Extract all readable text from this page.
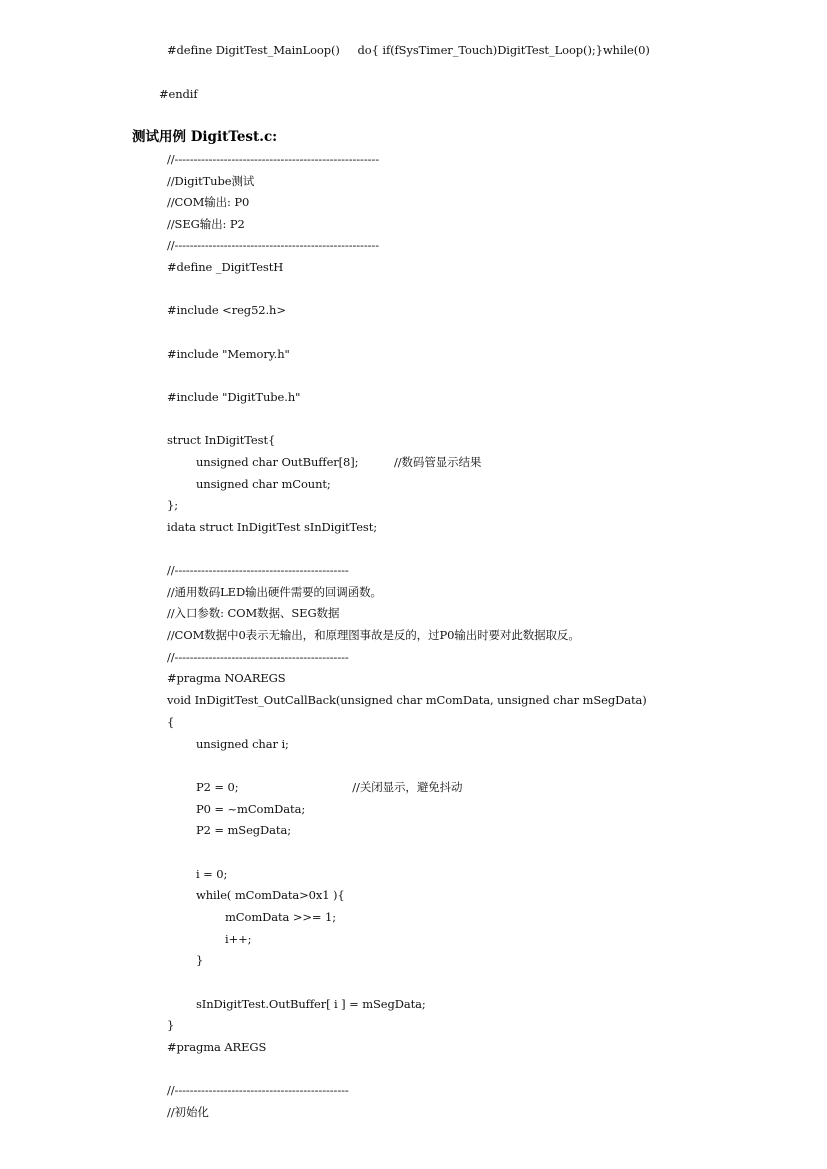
#define DigitTest_MainLoop()     do{ if(fSysTimer_Touch)DigitTest_Loop();}while(0)
#endif
测试用例 DigitTest.c:
//------------------------------------------------------
//DigitTube测试
//COM输出: P0
//SEG输出: P2
//------------------------------------------------------
#define _DigitTestH
#include <reg52.h>
#include "Memory.h"
#include "DigitTube.h"
struct InDigitTest{
unsigned char OutBuffer[8];          //数码管显示结果
unsigned char mCount;
};
idata struct InDigitTest sInDigitTest;
//----------------------------------------------
//通用数码LED输出硬件需要的回调函数。
//入口参数: COM数据、SEG数据
//COM数据中0表示无输出，和原理图事故是反的，过P0输出时要对此数据取反。
//----------------------------------------------
#pragma NOAREGS
void InDigitTest_OutCallBack(unsigned char mComData, unsigned char mSegData)
{
unsigned char i;
P2 = 0;                                //关闭显示，避免抖动
P0 = ~mComData;
P2 = mSegData;
i = 0;
while( mComData>0x1 ){
mComData >>= 1;
i++;
}
sInDigitTest.OutBuffer[ i ] = mSegData;
}
#pragma AREGS
//----------------------------------------------
//初始化
